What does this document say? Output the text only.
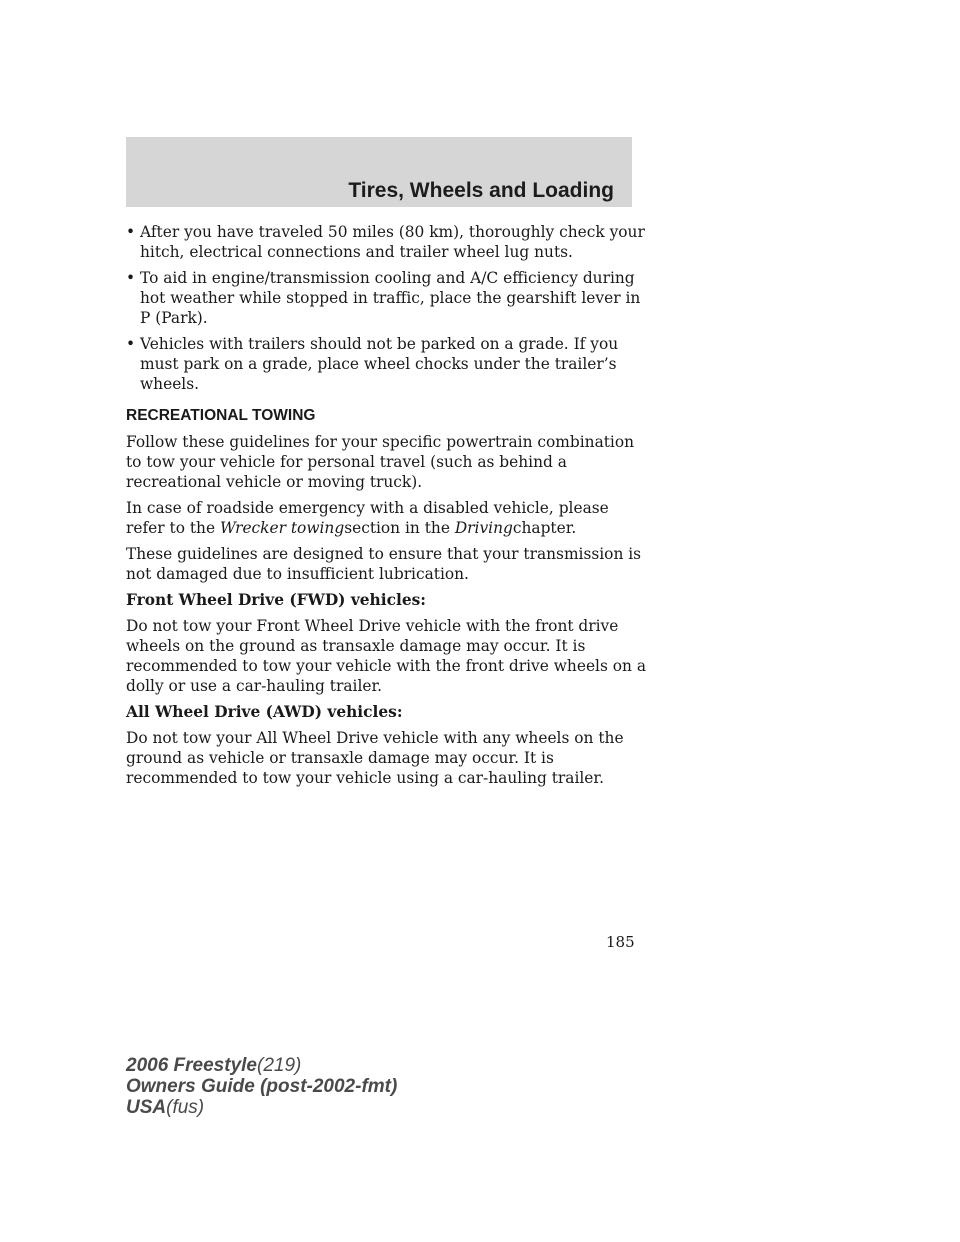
Tires, Wheels and Loading
• After you have traveled 50 miles (80 km), thoroughly check your hitch, electrical connections and trailer wheel lug nuts.
• To aid in engine/transmission cooling and A/C efficiency during hot weather while stopped in traffic, place the gearshift lever in P (Park).
• Vehicles with trailers should not be parked on a grade. If you must park on a grade, place wheel chocks under the trailer’s wheels.
RECREATIONAL TOWING

Follow these guidelines for your specific powertrain combination to tow your vehicle for personal travel (such as behind a recreational vehicle or moving truck).

In case of roadside emergency with a disabled vehicle, please refer to the Wrecker towingsection in the Drivingchapter.

These guidelines are designed to ensure that your transmission is not damaged due to insufficient lubrication.

Front Wheel Drive (FWD) vehicles:

Do not tow your Front Wheel Drive vehicle with the front drive wheels on the ground as transaxle damage may occur. It is recommended to tow your vehicle with the front drive wheels on a dolly or use a car-hauling trailer.

All Wheel Drive (AWD) vehicles:

Do not tow your All Wheel Drive vehicle with any wheels on the ground as vehicle or transaxle damage may occur. It is recommended to tow your vehicle using a car-hauling trailer.

185
2006 Freestyle(219)
Owners Guide (post-2002-fmt)
USA(fus)
